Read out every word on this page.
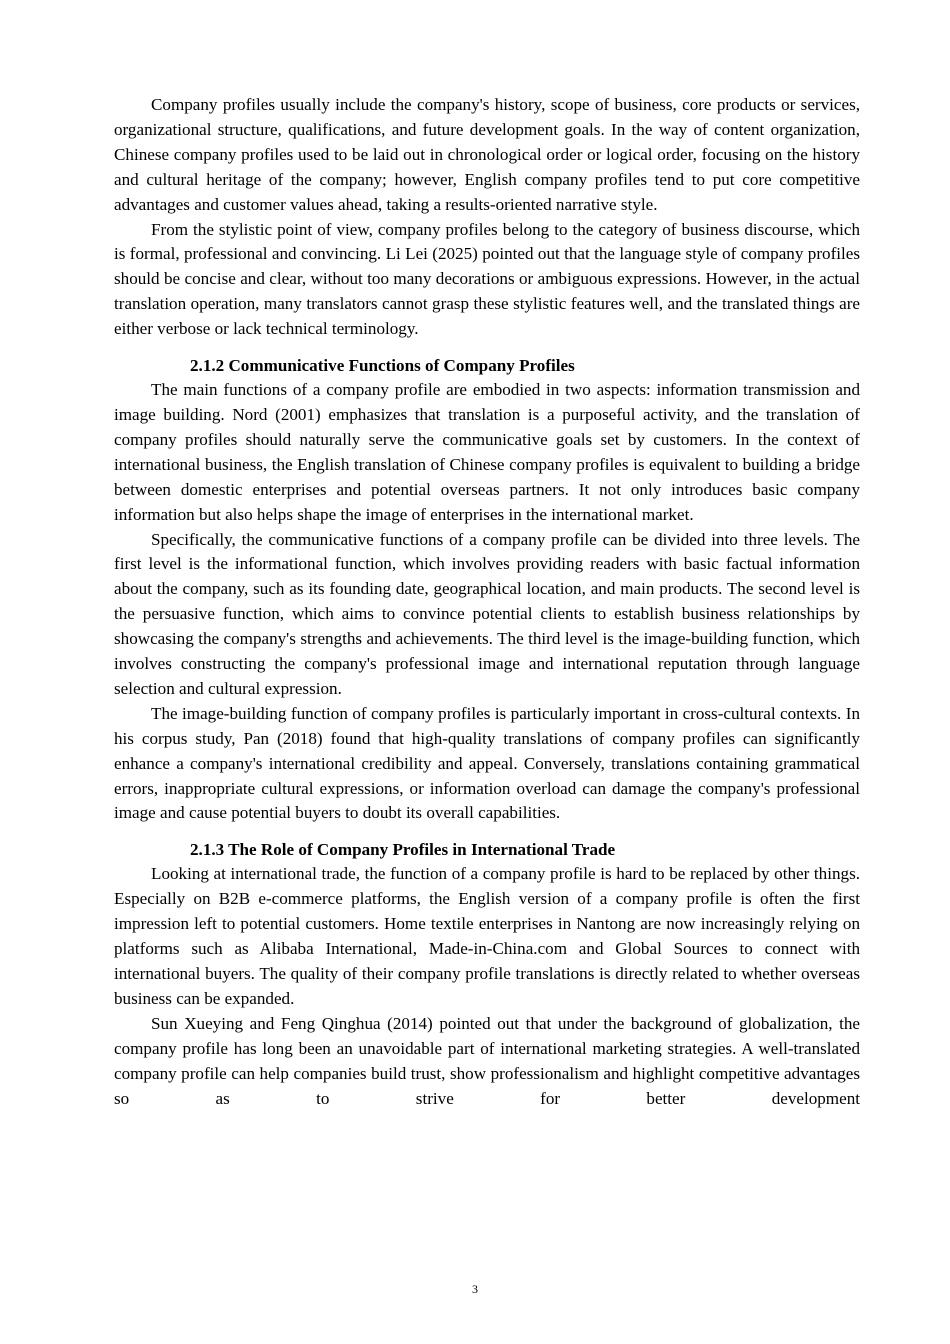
Company profiles usually include the company's history, scope of business, core products or services, organizational structure, qualifications, and future development goals. In the way of content organization, Chinese company profiles used to be laid out in chronological order or logical order, focusing on the history and cultural heritage of the company; however, English company profiles tend to put core competitive advantages and customer values ahead, taking a results-oriented narrative style.

From the stylistic point of view, company profiles belong to the category of business discourse, which is formal, professional and convincing. Li Lei (2025) pointed out that the language style of company profiles should be concise and clear, without too many decorations or ambiguous expressions. However, in the actual translation operation, many translators cannot grasp these stylistic features well, and the translated things are either verbose or lack technical terminology.

2.1.2 Communicative Functions of Company Profiles

The main functions of a company profile are embodied in two aspects: information transmission and image building. Nord (2001) emphasizes that translation is a purposeful activity, and the translation of company profiles should naturally serve the communicative goals set by customers. In the context of international business, the English translation of Chinese company profiles is equivalent to building a bridge between domestic enterprises and potential overseas partners. It not only introduces basic company information but also helps shape the image of enterprises in the international market.

Specifically, the communicative functions of a company profile can be divided into three levels. The first level is the informational function, which involves providing readers with basic factual information about the company, such as its founding date, geographical location, and main products. The second level is the persuasive function, which aims to convince potential clients to establish business relationships by showcasing the company's strengths and achievements. The third level is the image-building function, which involves constructing the company's professional image and international reputation through language selection and cultural expression.

The image-building function of company profiles is particularly important in cross-cultural contexts. In his corpus study, Pan (2018) found that high-quality translations of company profiles can significantly enhance a company's international credibility and appeal. Conversely, translations containing grammatical errors, inappropriate cultural expressions, or information overload can damage the company's professional image and cause potential buyers to doubt its overall capabilities.

2.1.3 The Role of Company Profiles in International Trade

Looking at international trade, the function of a company profile is hard to be replaced by other things. Especially on B2B e-commerce platforms, the English version of a company profile is often the first impression left to potential customers. Home textile enterprises in Nantong are now increasingly relying on platforms such as Alibaba International, Made-in-China.com and Global Sources to connect with international buyers. The quality of their company profile translations is directly related to whether overseas business can be expanded.

Sun Xueying and Feng Qinghua (2014) pointed out that under the background of globalization, the company profile has long been an unavoidable part of international marketing strategies. A well-translated company profile can help companies build trust, show professionalism and highlight competitive advantages so as to strive for better development

3
